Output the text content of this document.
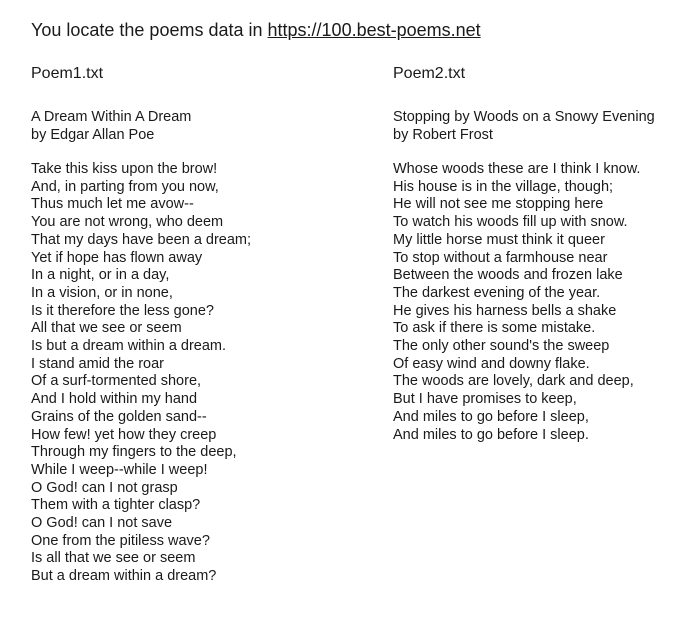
You locate the poems data in https://100.best-poems.net
Poem1.txt
A Dream Within A Dream
by Edgar Allan Poe
Take this kiss upon the brow!
And, in parting from you now,
Thus much let me avow--
You are not wrong, who deem
That my days have been a dream;
Yet if hope has flown away
In a night, or in a day,
In a vision, or in none,
Is it therefore the less gone?
All that we see or seem
Is but a dream within a dream.
I stand amid the roar
Of a surf-tormented shore,
And I hold within my hand
Grains of the golden sand--
How few! yet how they creep
Through my fingers to the deep,
While I weep--while I weep!
O God! can I not grasp
Them with a tighter clasp?
O God! can I not save
One from the pitiless wave?
Is all that we see or seem
But a dream within a dream?
Poem2.txt
Stopping by Woods on a Snowy Evening
by Robert Frost
Whose woods these are I think I know.
His house is in the village, though;
He will not see me stopping here
To watch his woods fill up with snow.
My little horse must think it queer
To stop without a farmhouse near
Between the woods and frozen lake
The darkest evening of the year.
He gives his harness bells a shake
To ask if there is some mistake.
The only other sound's the sweep
Of easy wind and downy flake.
The woods are lovely, dark and deep,
But I have promises to keep,
And miles to go before I sleep,
And miles to go before I sleep.
